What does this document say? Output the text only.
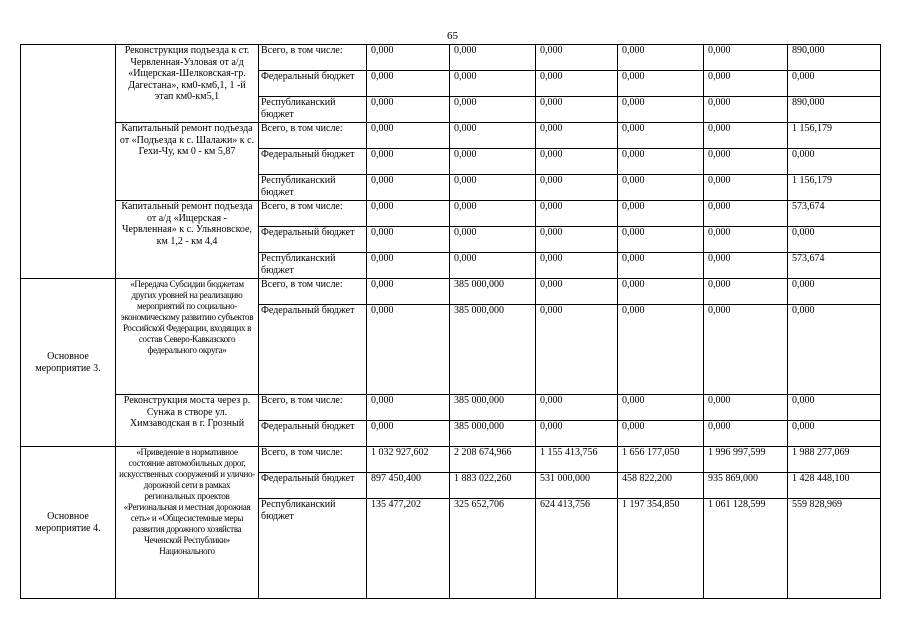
65
	Реконструкция подъезда к ст. Червленная-Узловая от а/д «Ищерская-Шелковская-гр. Дагестана», км0-км6,1, 1 -й этап км0-км5,1	Всего, в том числе:	0,000	0,000	0,000	0,000	0,000	890,000
		Федеральный бюджет	0,000	0,000	0,000	0,000	0,000	0,000
		Республиканский бюджет	0,000	0,000	0,000	0,000	0,000	890,000
	Капитальный ремонт подъезда от «Подъезда к с. Шалажи» к с. Гехи-Чу, км 0 - км 5,87	Всего, в том числе:	0,000	0,000	0,000	0,000	0,000	1 156,179
		Федеральный бюджет	0,000	0,000	0,000	0,000	0,000	0,000
		Республиканский бюджет	0,000	0,000	0,000	0,000	0,000	1 156,179
	Капитальный ремонт подъезда от а/д «Ищерская - Червленная» к с. Ульяновское, км 1,2 - км 4,4	Всего, в том числе:	0,000	0,000	0,000	0,000	0,000	573,674
		Федеральный бюджет	0,000	0,000	0,000	0,000	0,000	0,000
		Республиканский бюджет	0,000	0,000	0,000	0,000	0,000	573,674
Основное мероприятие 3.	«Передача Субсидии бюджетам других уровней на реализацию мероприятий по социально-экономическому развитию субъектов Российской Федерации, входящих в состав Северо-Кавказского федерального округа»	Всего, в том числе:	0,000	385 000,000	0,000	0,000	0,000	0,000
		Федеральный бюджет	0,000	385 000,000	0,000	0,000	0,000	0,000
	Реконструкция моста через р. Сунжа в створе ул. Химзаводская в г. Грозный	Всего, в том числе:	0,000	385 000,000	0,000	0,000	0,000	0,000
		Федеральный бюджет	0,000	385 000,000	0,000	0,000	0,000	0,000
Основное мероприятие 4.	«Приведение в нормативное состояние автомобильных дорог, искусственных сооружений и улично-дорожной сети в рамках региональных проектов «Региональная и местная дорожная сеть» и «Общесистемные меры развития дорожного хозяйства Чеченской Республики» Национального	Всего, в том числе:	1 032 927,602	2 208 674,966	1 155 413,756	1 656 177,050	1 996 997,599	1 988 277,069
		Федеральный бюджет	897 450,400	1 883 022,260	531 000,000	458 822,200	935 869,000	1 428 448,100
		Республиканский бюджет	135 477,202	325 652,706	624 413,756	1 197 354,850	1 061 128,599	559 828,969
